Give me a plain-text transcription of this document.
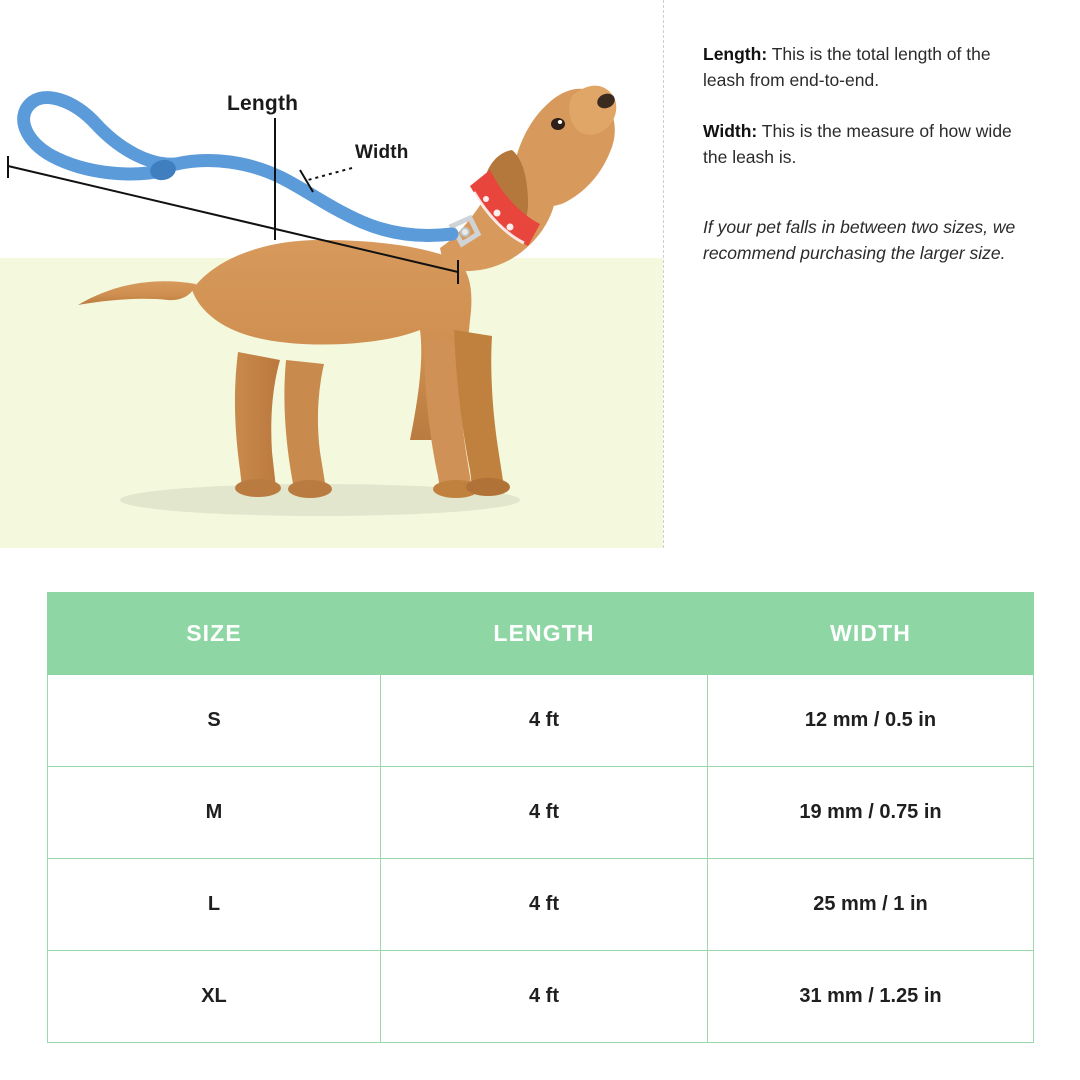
Length
Width

Length: This is the total length of the leash from end-to-end.

Width: This is the measure of how wide the leash is.

If your pet falls in between two sizes, we recommend purchasing the larger size.

SIZE	LENGTH	WIDTH
S	4 ft	12 mm / 0.5 in
M	4 ft	19 mm / 0.75 in
L	4 ft	25 mm / 1 in
XL	4 ft	31 mm / 1.25 in
